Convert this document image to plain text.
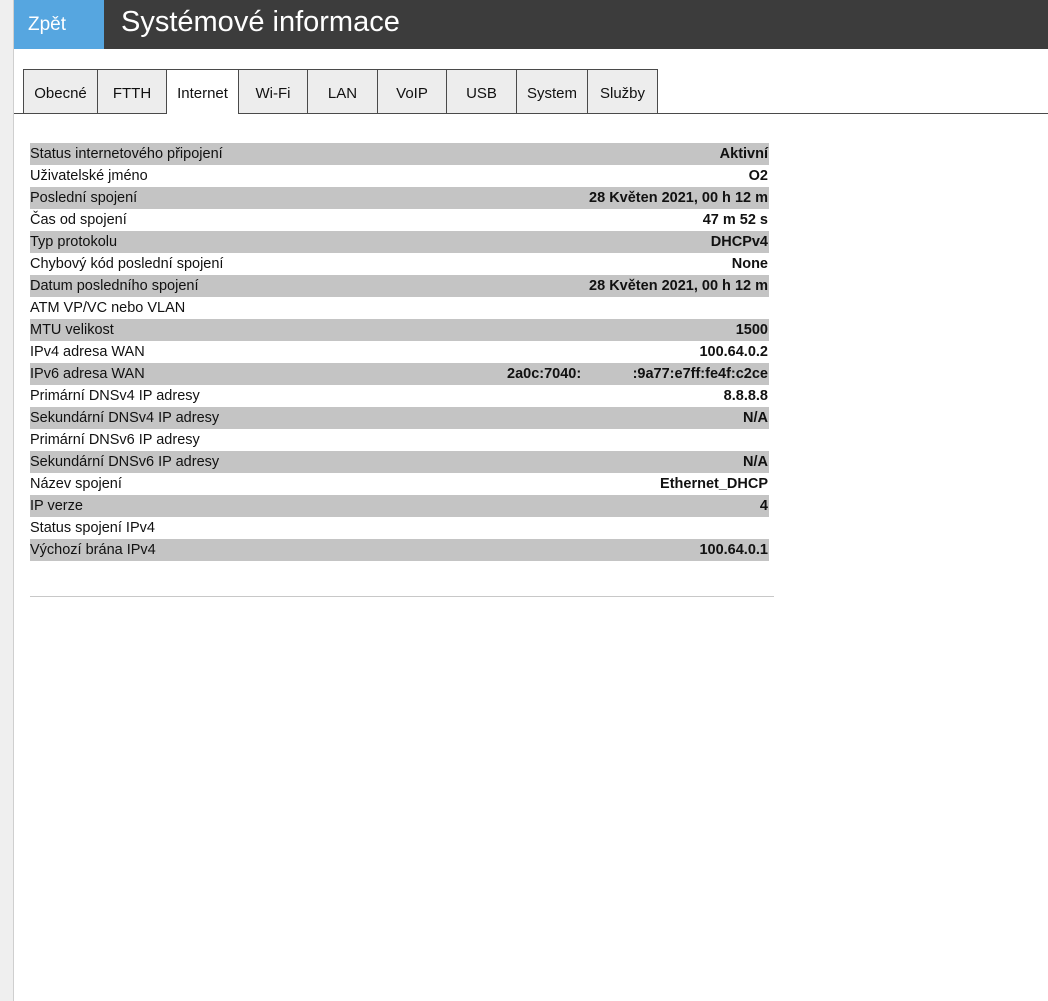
Zpět	Systémové informace
Obecné	FTTH	Internet	Wi-Fi	LAN	VoIP	USB	System	Služby
Status internetového připojení	Aktivní
Uživatelské jméno	O2
Poslední spojení	28 Květen 2021, 00 h 12 m
Čas od spojení	47 m 52 s
Typ protokolu	DHCPv4
Chybový kód poslední spojení	None
Datum posledního spojení	28 Květen 2021, 00 h 12 m
ATM VP/VC nebo VLAN
MTU velikost	1500
IPv4 adresa WAN	100.64.0.2
IPv6 adresa WAN	2a0c:7040:	:9a77:e7ff:fe4f:c2ce
Primární DNSv4 IP adresy	8.8.8.8
Sekundární DNSv4 IP adresy	N/A
Primární DNSv6 IP adresy
Sekundární DNSv6 IP adresy	N/A
Název spojení	Ethernet_DHCP
IP verze	4
Status spojení IPv4
Výchozí brána IPv4	100.64.0.1
